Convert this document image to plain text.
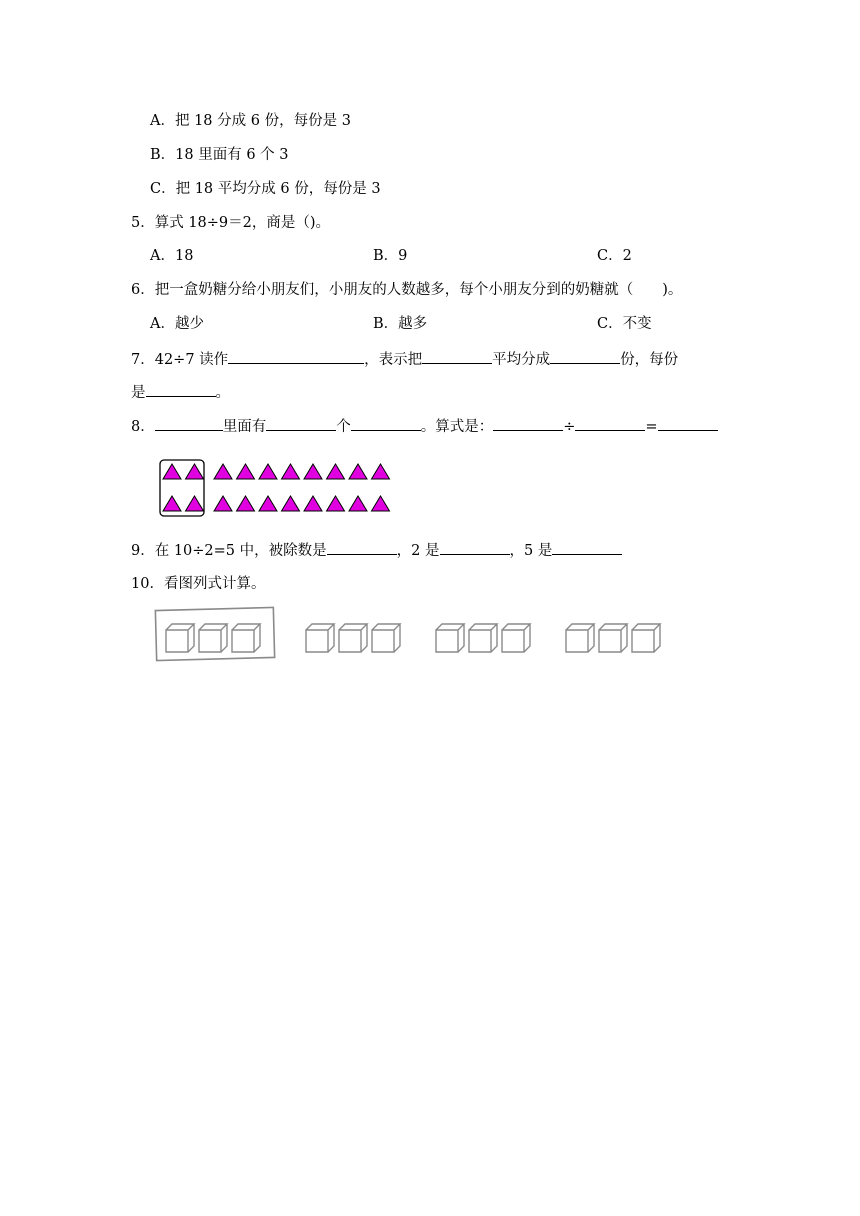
A．把 18 分成 6 份，每份是 3
B．18 里面有 6 个 3
C．把 18 平均分成 6 份，每份是 3
5．算式 18÷9＝2，商是（)。
A．18	B．9	C．2
6．把一盒奶糖分给小朋友们，小朋友的人数越多，每个小朋友分到的奶糖就（　　)。
A．越少	B．越多	C．不变
7．42÷7 读作	，表示把	平均分成	份，每份
是	。
8．	里面有	个	。算式是：	÷	=
9．在 10÷2=5 中，被除数是	，2 是	，5 是
10．看图列式计算。
